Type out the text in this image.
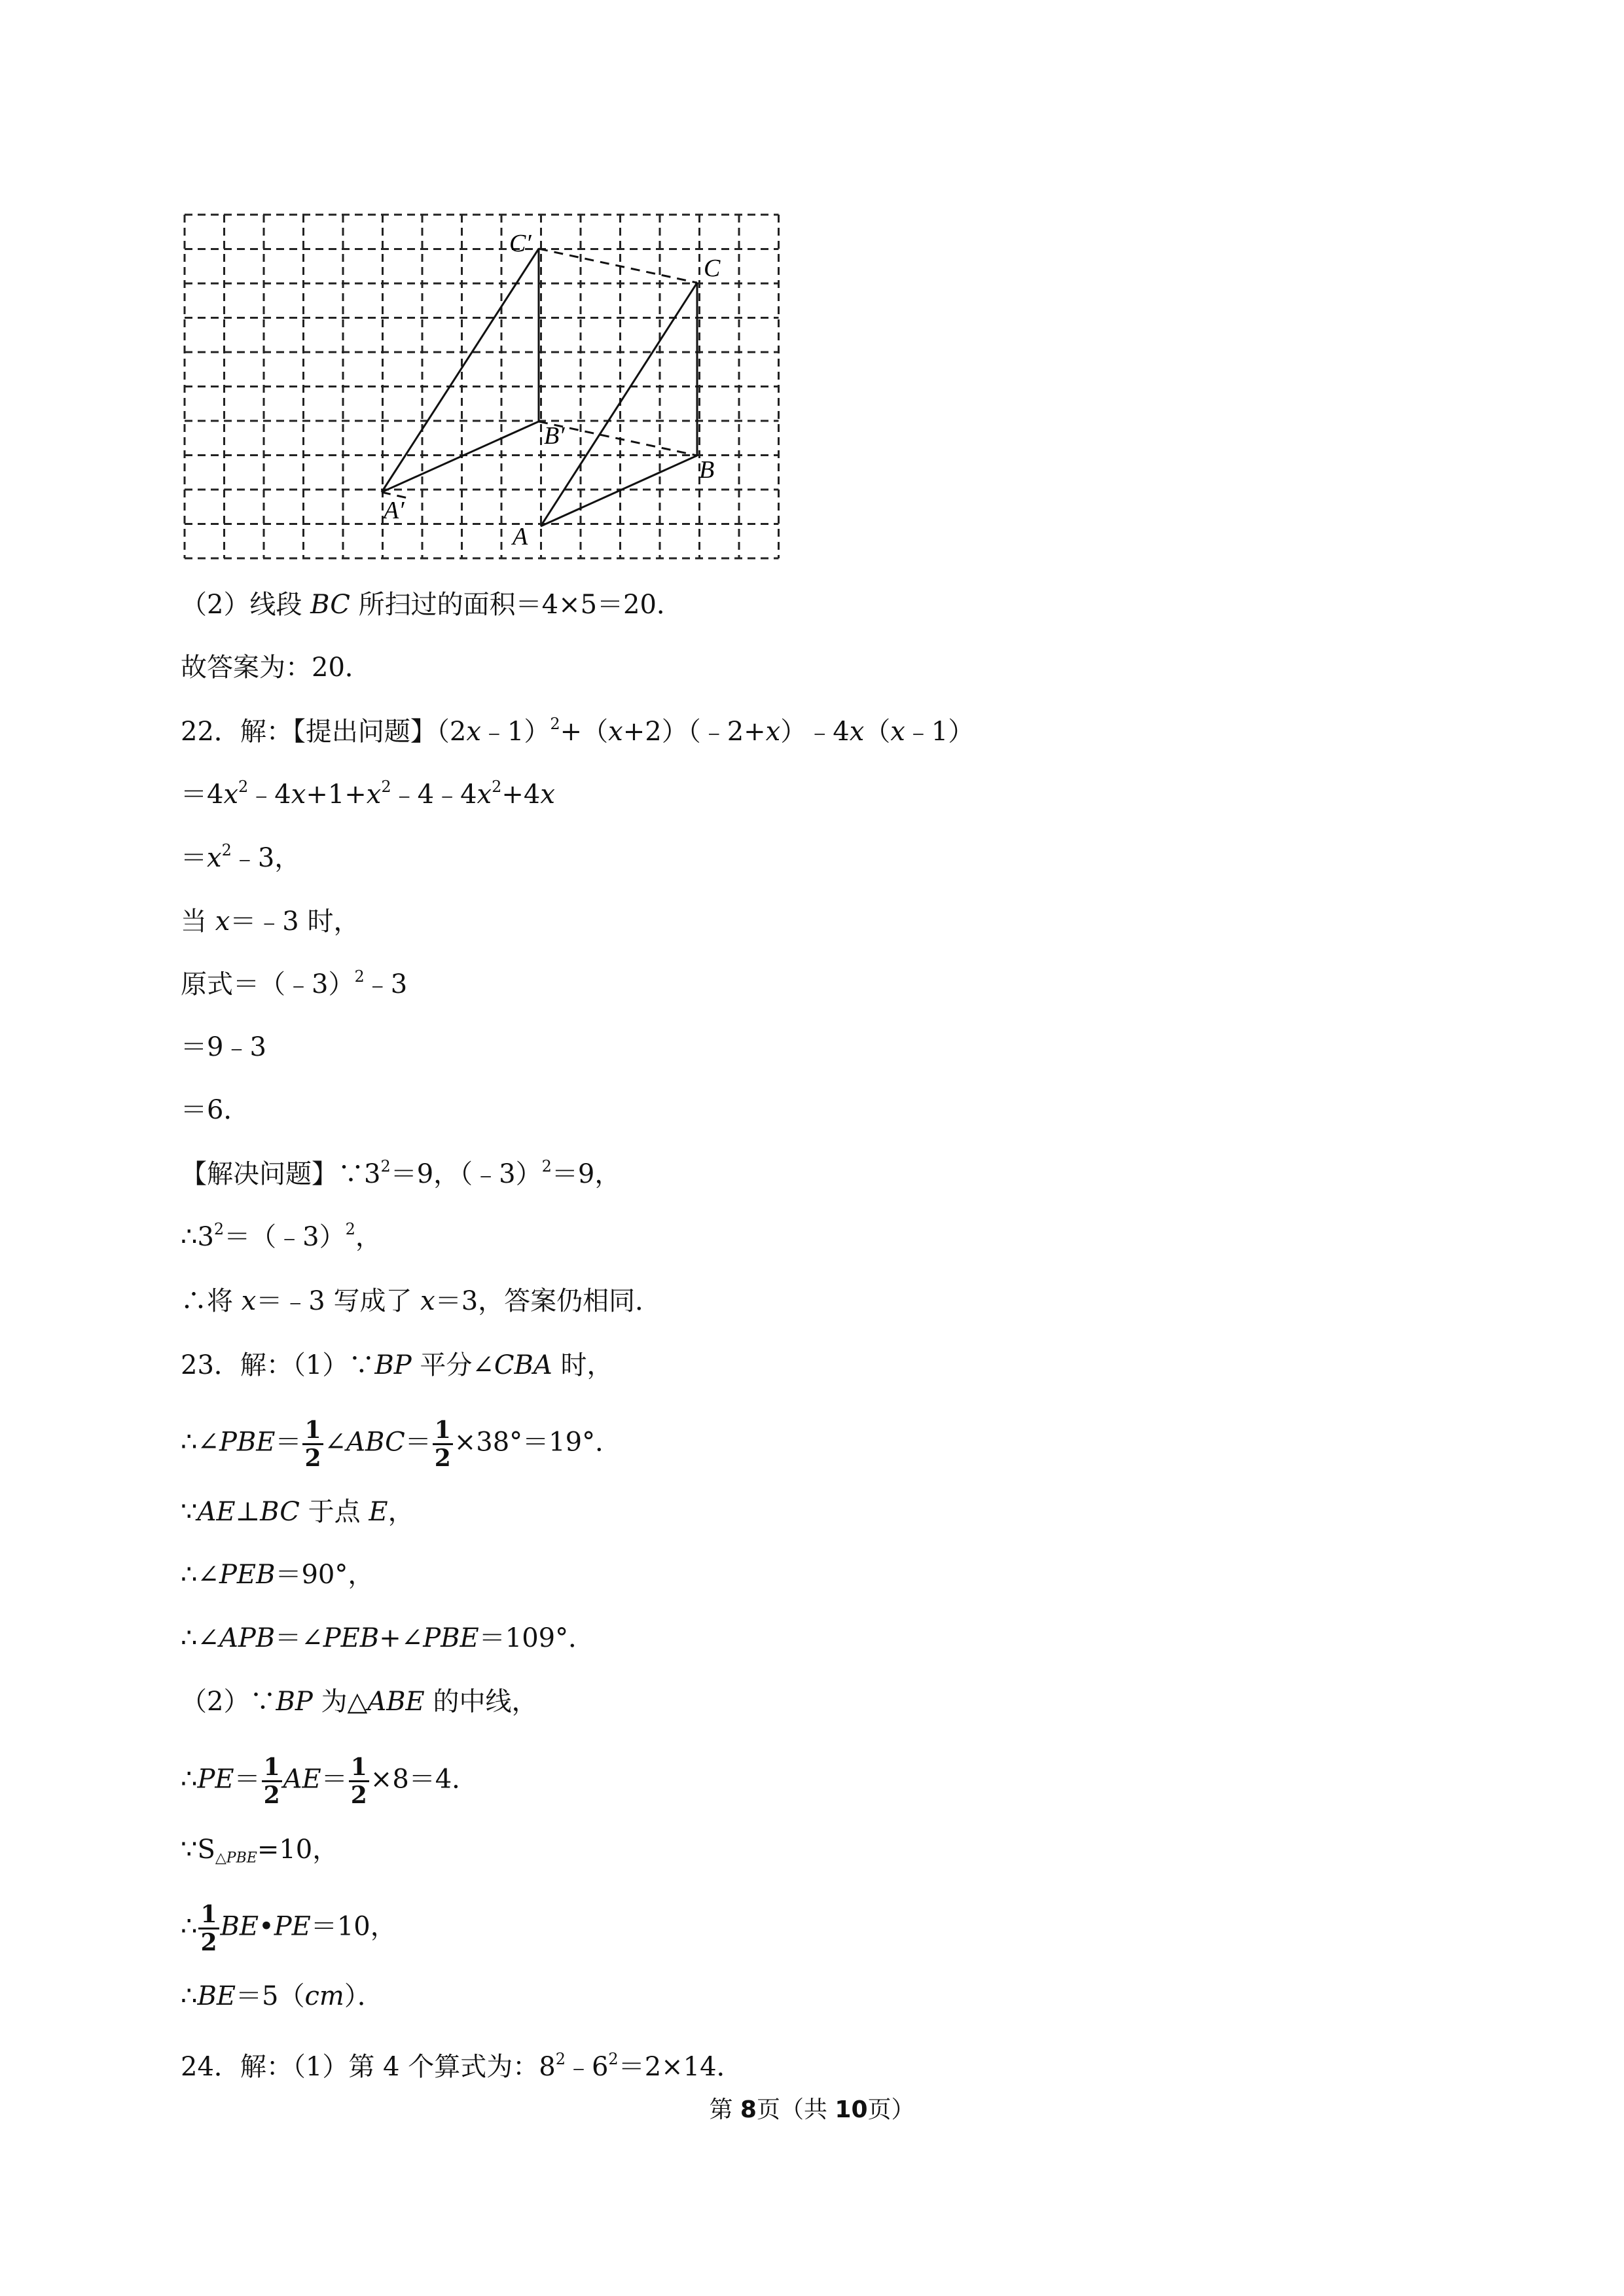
C′
C
B′
B
A′
A
（2）线段 BC 所扫过的面积＝4×5＝20．
故答案为：20．
22．解：【提出问题】（2x﹣1）$^2$+（x+2）（﹣2+x）﹣4x（x﹣1）
$=4x^2﹣4x+1+x^2﹣4﹣4x^2+4x$
$=x^2﹣3$，
当 x＝﹣3 时，
原式＝（﹣3）$^2$﹣3
＝9﹣3
＝6．
【解决问题】$\because 3^2=9$，（﹣3）$^2$＝9，
$\therefore 3^2=(﹣3)^2$，
∴将 x＝﹣3 写成了 x＝3，答案仍相同．
23．解：（1）∵BP 平分∠CBA 时，
∴∠PBE＝ $\frac{1}{2}$ ∠ABC＝ $\frac{1}{2} \times 38^\circ=19^\circ$．
∵AE⊥BC 于点 E，
∴∠PEB＝90°，
∴∠APB＝∠PEB+∠PBE＝109°．
（2）∵BP 为△ABE 的中线，
∴PE＝ $\frac{1}{2} AE= \frac{1}{2} \times 8=4$．
$\because S_{\triangle PBE}=10$，
∴ $\frac{1}{2}$ BE•PE＝10，
∴BE＝5（cm）．
24．解：（1）第 4 个算式为：$8^2﹣6^2=2\times 14$．
第 8页（共 10页）
